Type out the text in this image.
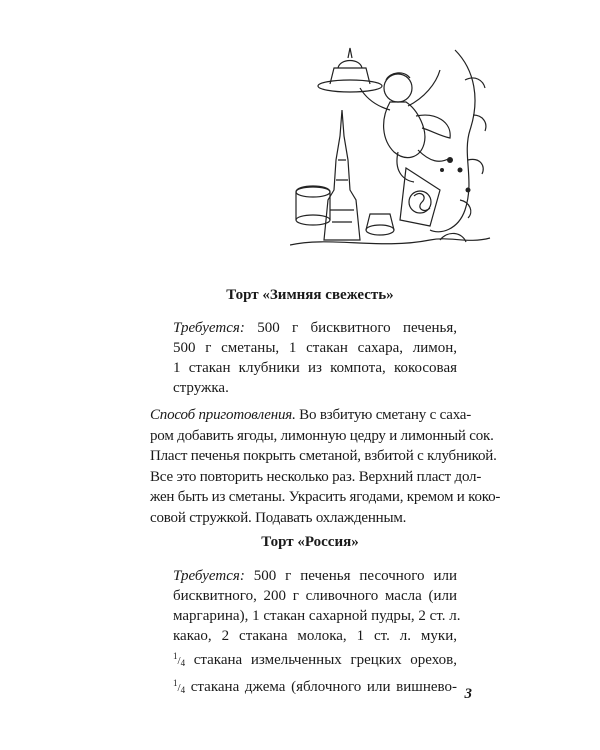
Торт «Зимняя свежесть»
Требуется: 500 г бисквитного печенья,
500 г сметаны, 1 стакан сахара, лимон,
1 стакан клубники из компота, кокосовая
стружка.
Способ приготовления. Во взбитую сметану с саха-
ром добавить ягоды, лимонную цедру и лимонный сок.
Пласт печенья покрыть сметаной, взбитой с клубникой.
Все это повторить несколько раз. Верхний пласт дол-
жен быть из сметаны. Украсить ягодами, кремом и коко-
совой стружкой. Подавать охлажденным.
Торт «Россия»
Требуется: 500 г печенья песочного или
бисквитного, 200 г сливочного масла (или
маргарина), 1 стакан сахарной пудры, 2 ст. л.
какао, 2 стакана молока, 1 ст. л. муки,
$^1/_4$ стакана измельченных грецких орехов,
$^1/_4$ стакана джема (яблочного или вишнево- 3
